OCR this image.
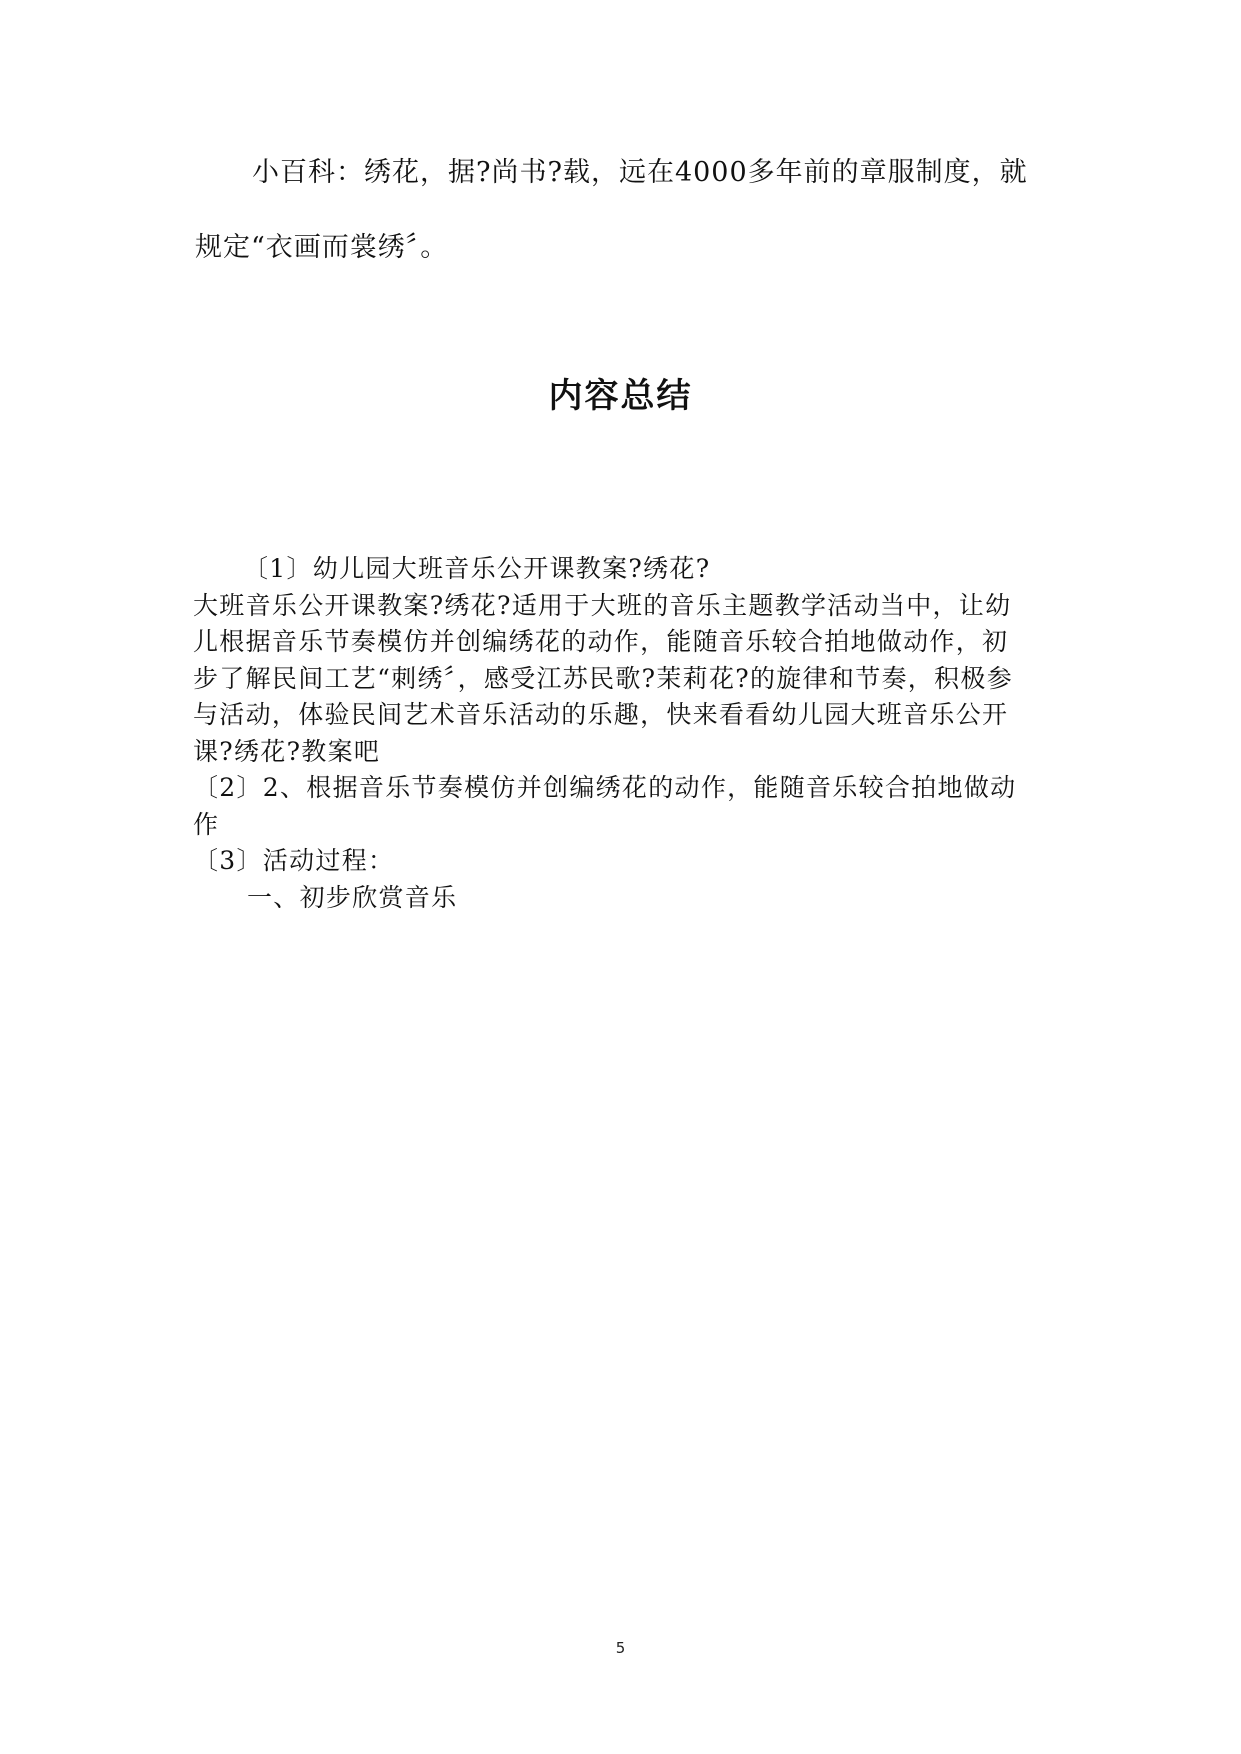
小百科：绣花，据?尚书?载，远在4000多年前的章服制度，就

规定“衣画而裳绣〞。

内容总结
〔1〕幼儿园大班音乐公开课教案?绣花?
大班音乐公开课教案?绣花?适用于大班的音乐主题教学活动当中，让幼
儿根据音乐节奏模仿并创编绣花的动作，能随音乐较合拍地做动作，初
步了解民间工艺“刺绣〞，感受江苏民歌?茉莉花?的旋律和节奏，积极参
与活动，体验民间艺术音乐活动的乐趣，快来看看幼儿园大班音乐公开
课?绣花?教案吧
〔2〕2、根据音乐节奏模仿并创编绣花的动作，能随音乐较合拍地做动
作
〔3〕活动过程：
一、初步欣赏音乐
5
